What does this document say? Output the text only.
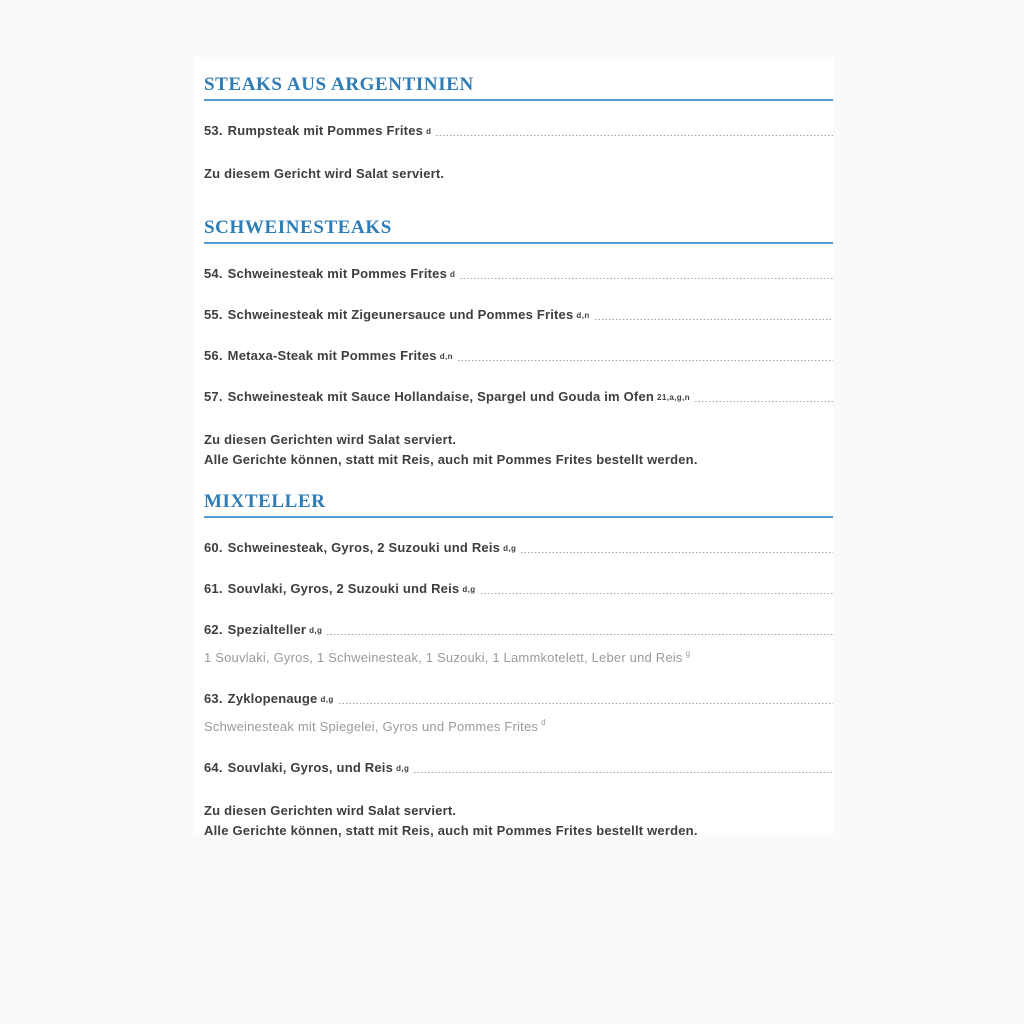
STEAKS AUS ARGENTINIEN
53. Rumpsteak mit Pommes Frites $^d$

Zu diesem Gericht wird Salat serviert.

SCHWEINESTEAKS
54. Schweinesteak mit Pommes Frites $^d$
55. Schweinesteak mit Zigeunersauce und Pommes Frites $^{d,n}$
56. Metaxa-Steak mit Pommes Frites $^{d,n}$
57. Schweinesteak mit Sauce Hollandaise, Spargel und Gouda im Ofen $^{21,a,g,n}$

Zu diesen Gerichten wird Salat serviert.

Alle Gerichte können, statt mit Reis, auch mit Pommes Frites bestellt werden.

MIXTELLER
60. Schweinesteak, Gyros, 2 Suzouki und Reis $^{d,g}$
61. Souvlaki, Gyros, 2 Suzouki und Reis $^{d,g}$
62. Spezialteller $^{d,g}$
1 Souvlaki, Gyros, 1 Schweinesteak, 1 Suzouki, 1 Lammkotelett, Leber und Reis $^g$
63. Zyklopenauge $^{d,g}$
Schweinesteak mit Spiegelei, Gyros und Pommes Frites $^d$
64. Souvlaki, Gyros, und Reis $^{d,g}$

Zu diesen Gerichten wird Salat serviert.

Alle Gerichte können, statt mit Reis, auch mit Pommes Frites bestellt werden.
